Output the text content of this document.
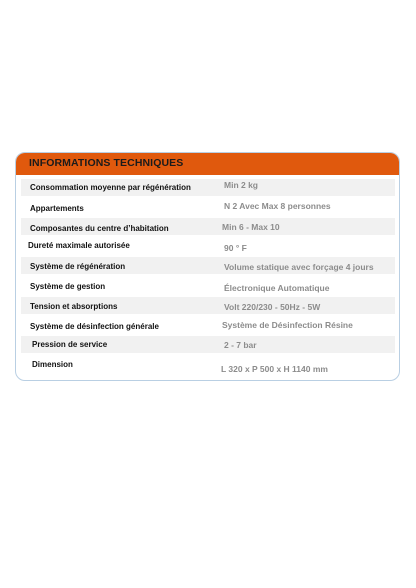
INFORMATIONS TECHNIQUES
Consommation moyenne par régénération	Min 2 kg
Appartements	N 2 Avec Max 8 personnes
Composantes du centre d’habitation	Min 6 - Max 10
Dureté maximale autorisée	90 ° F
Système de régénération	Volume statique avec forçage 4 jours
Système de gestion	Électronique Automatique
Tension et absorptions	Volt 220/230 - 50Hz - 5W
Système de désinfection générale	Système de Désinfection Résine
Pression de service	2 - 7 bar
Dimension	L 320 x P 500 x H 1140 mm
